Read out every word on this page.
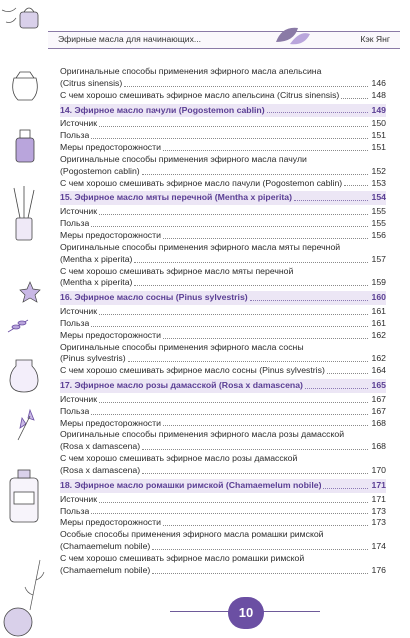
Эфирные масла для начинающих...	Кэк Янг
Оригинальные способы применения эфирного масла апельсина
(Citrus sinensis)	146
С чем хорошо смешивать эфирное масло апельсина (Citrus sinensis)	148
14. Эфирное масло пачули (Pogostemon cablin)	149
Источник	150
Польза	151
Меры предосторожности	151
Оригинальные способы применения эфирного масла пачули
(Pogostemon cablin)	152
С чем хорошо смешивать эфирное масло пачули (Pogostemon cablin)	153
15. Эфирное масло мяты перечной (Mentha x piperita)	154
Источник	155
Польза	155
Меры предосторожности	156
Оригинальные способы применения эфирного масла мяты перечной
(Mentha x piperita)	157
С чем хорошо смешивать эфирное масло мяты перечной
(Mentha x piperita)	159
16. Эфирное масло сосны (Pinus sylvestris)	160
Источник	161
Польза	161
Меры предосторожности	162
Оригинальные способы применения эфирного масла сосны
(Pinus sylvestris)	162
С чем хорошо смешивать эфирное масло сосны (Pinus sylvestris)	164
17. Эфирное масло розы дамасской (Rosa x damascena)	165
Источник	167
Польза	167
Меры предосторожности	168
Оригинальные способы применения эфирного масла розы дамасской
(Rosa x damascena)	168
С чем хорошо смешивать эфирное масло розы дамасской
(Rosa x damascena)	170
18. Эфирное масло ромашки римской (Chamaemelum nobile)	171
Источник	171
Польза	173
Меры предосторожности	173
Особые способы применения эфирного масла ромашки римской
(Chamaemelum nobile)	174
С чем хорошо смешивать эфирное масло ромашки римской
(Chamaemelum nobile)	176
10
